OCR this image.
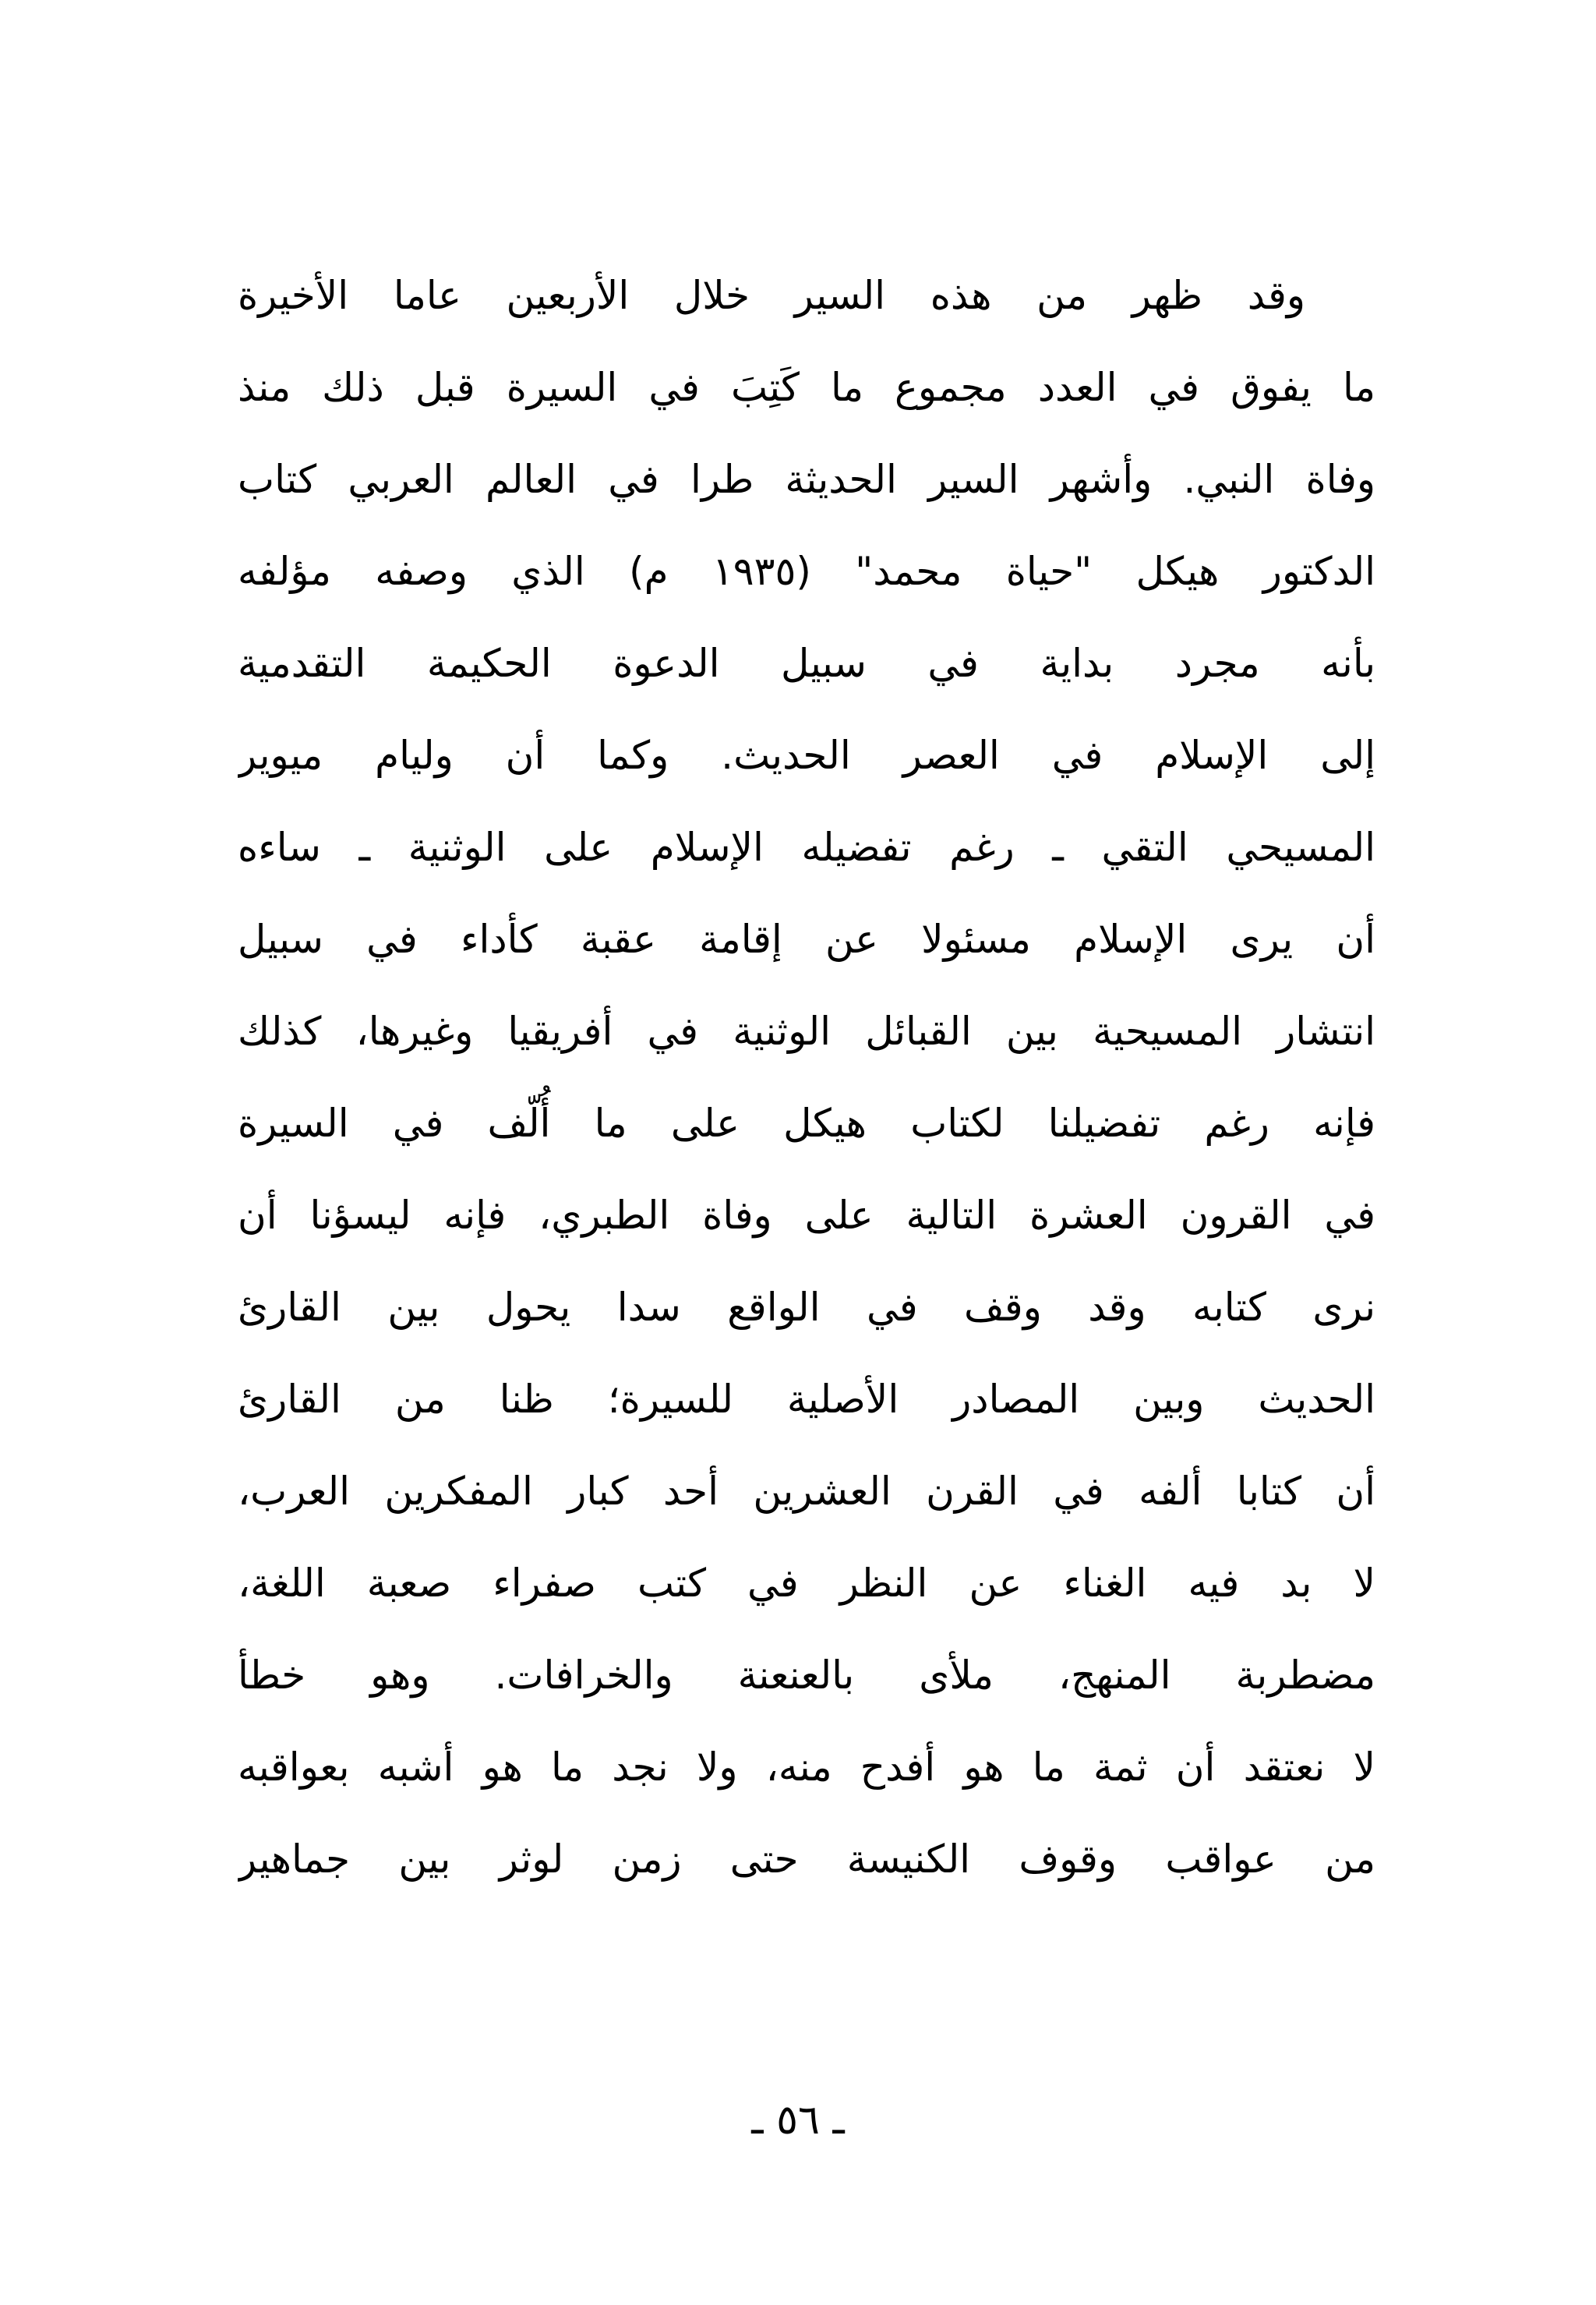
وقد ظهر من هذه السير خلال الأربعين عاما الأخيرة
ما يفوق في العدد مجموع ما كَتِبَ في السيرة قبل ذلك منذ
وفاة النبي. وأشهر السير الحديثة طرا في العالم العربي كتاب
الدكتور هيكل "حياة محمد" (١٩٣٥ م) الذي وصفه مؤلفه
بأنه مجرد بداية في سبيل الدعوة الحكيمة التقدمية
إلى الإسلام في العصر الحديث. وكما أن وليام ميوير
المسيحي التقي ـ رغم تفضيله الإسلام على الوثنية ـ ساءه
أن يرى الإسلام مسئولا عن إقامة عقبة كأداء في سبيل
انتشار المسيحية بين القبائل الوثنية في أفريقيا وغيرها، كذلك
فإنه رغم تفضيلنا لكتاب هيكل على ما أُلّف في السيرة
في القرون العشرة التالية على وفاة الطبري، فإنه ليسؤنا أن
نرى كتابه وقد وقف في الواقع سدا يحول بين القارئ
الحديث وبين المصادر الأصلية للسيرة؛ ظنا من القارئ
أن كتابا ألفه في القرن العشرين أحد كبار المفكرين العرب،
لا بد فيه الغناء عن النظر في كتب صفراء صعبة اللغة،
مضطربة المنهج، ملأى بالعنعنة والخرافات. وهو خطأ
لا نعتقد أن ثمة ما هو أفدح منه، ولا نجد ما هو أشبه بعواقبه
من عواقب وقوف الكنيسة حتى زمن لوثر بين جماهير
ـ ٥٦ ـ
